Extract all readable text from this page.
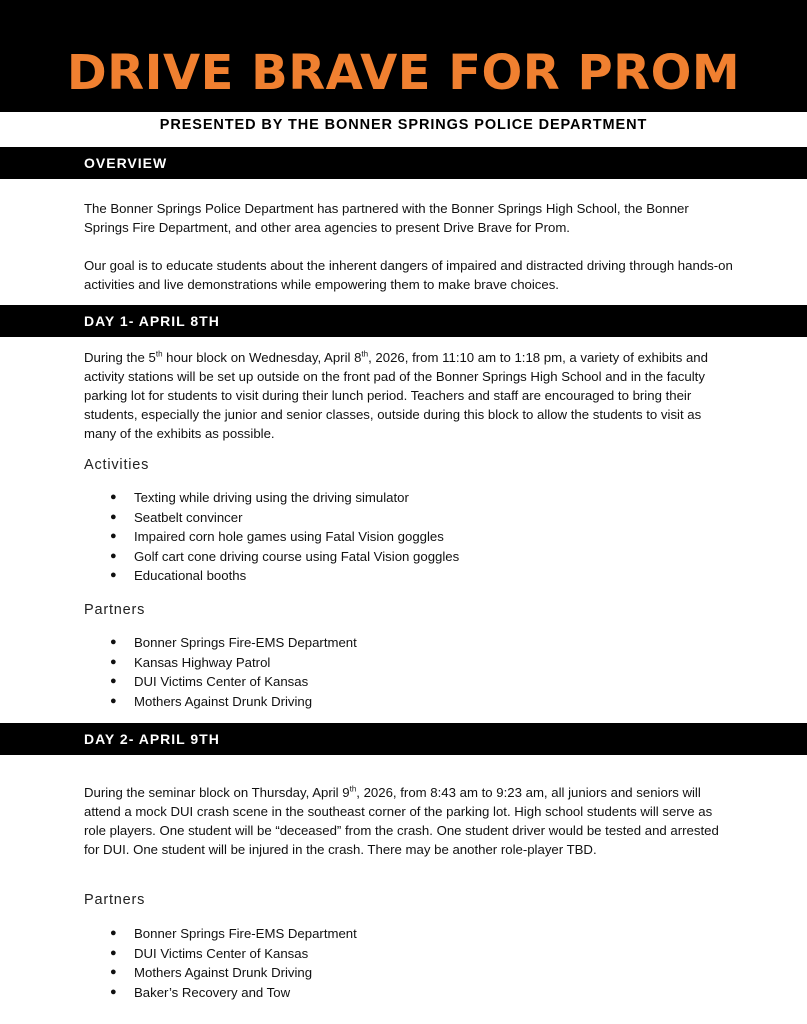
DRIVE BRAVE FOR PROM
PRESENTED BY THE BONNER SPRINGS POLICE DEPARTMENT
OVERVIEW

The Bonner Springs Police Department has partnered with the Bonner Springs High School, the Bonner Springs Fire Department, and other area agencies to present Drive Brave for Prom.

Our goal is to educate students about the inherent dangers of impaired and distracted driving through hands-on activities and live demonstrations while empowering them to make brave choices.

DAY 1- APRIL 8TH

During the 5th hour block on Wednesday, April 8th, 2026, from 11:10 am to 1:18 pm, a variety of exhibits and activity stations will be set up outside on the front pad of the Bonner Springs High School and in the faculty parking lot for students to visit during their lunch period. Teachers and staff are encouraged to bring their students, especially the junior and senior classes, outside during this block to allow the students to visit as many of the exhibits as possible.

Activities
● Texting while driving using the driving simulator
● Seatbelt convincer
● Impaired corn hole games using Fatal Vision goggles
● Golf cart cone driving course using Fatal Vision goggles
● Educational booths
Partners
● Bonner Springs Fire-EMS Department
● Kansas Highway Patrol
● DUI Victims Center of Kansas
● Mothers Against Drunk Driving
DAY 2- APRIL 9TH

During the seminar block on Thursday, April 9th, 2026, from 8:43 am to 9:23 am, all juniors and seniors will attend a mock DUI crash scene in the southeast corner of the parking lot. High school students will serve as role players. One student will be “deceased” from the crash. One student driver would be tested and arrested for DUI. One student will be injured in the crash. There may be another role-player TBD.

Partners
● Bonner Springs Fire-EMS Department
● DUI Victims Center of Kansas
● Mothers Against Drunk Driving
● Baker’s Recovery and Tow
